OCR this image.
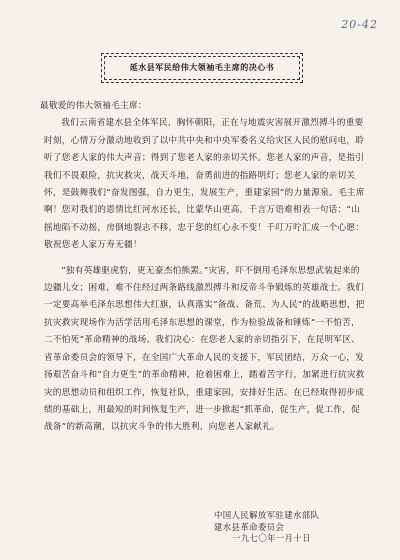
20-42
延水县军民给伟大领袖毛主席的决心书

最敬爱的伟大领袖毛主席：

我们云南省建水县全体军民，胸怀朝阳，正在与地震灾害展开激烈搏斗的重要时刻，心情万分激动地收到了以中共中央和中央军委名义给灾区人民的慰问电，聆听了您老人家的伟大声音；得到了您老人家的亲切关怀。您老人家的声音，是指引我们不畏艰险，抗灾救灾，战天斗地，奋勇前进的指路明灯；您老人家的亲切关怀，是鼓舞我们“奋发图强，自力更生，发展生产，重建家园”的力量源泉。毛主席啊！您对我们的恩情比红河水还长，比蒙华山更高，千言万语难相表一句话：“山摇地陷不动摇，房倒地裂志不移，忠于您的红心永不变！千叮万咛汇成一个心愿：敬祝您老人家万寿无疆！

“独有英雄驱虎豹，更无豪杰怕熊罴。”灾害，吓不倒用毛泽东思想武装起来的边疆儿女；困难，难不住经过两条路线激烈搏斗和反帝斗争锻炼的英雄战士。我们一定要高举毛泽东思想伟大红旗，认真落实“备战、备荒、为人民”的战略思想，把抗灾救灾现场作为活学活用毛泽东思想的课堂，作为检验战备和锤炼“一不怕苦，二不怕死”革命精神的战场。我们决心：在您老人家的亲切指引下，在昆明军区、省革命委员会的领导下，在全国广大革命人民的支援下，军民团结，万众一心，发扬艰苦奋斗和“自力更生”的革命精神，抢着困难上，踏着苦字行，加紧进行抗灾救灾的思想动员和组织工作，恢复社队，重建家园，安排好生活。在已经取得初步成绩的基础上，用最短的时间恢复生产，进一步掀起“抓革命，促生产，促工作，促战备”的新高潮，以抗灾斗争的伟大胜利，向您老人家献礼。

中国人民解放军驻建水部队
建水县革命委员会
一九七〇年一月十日
